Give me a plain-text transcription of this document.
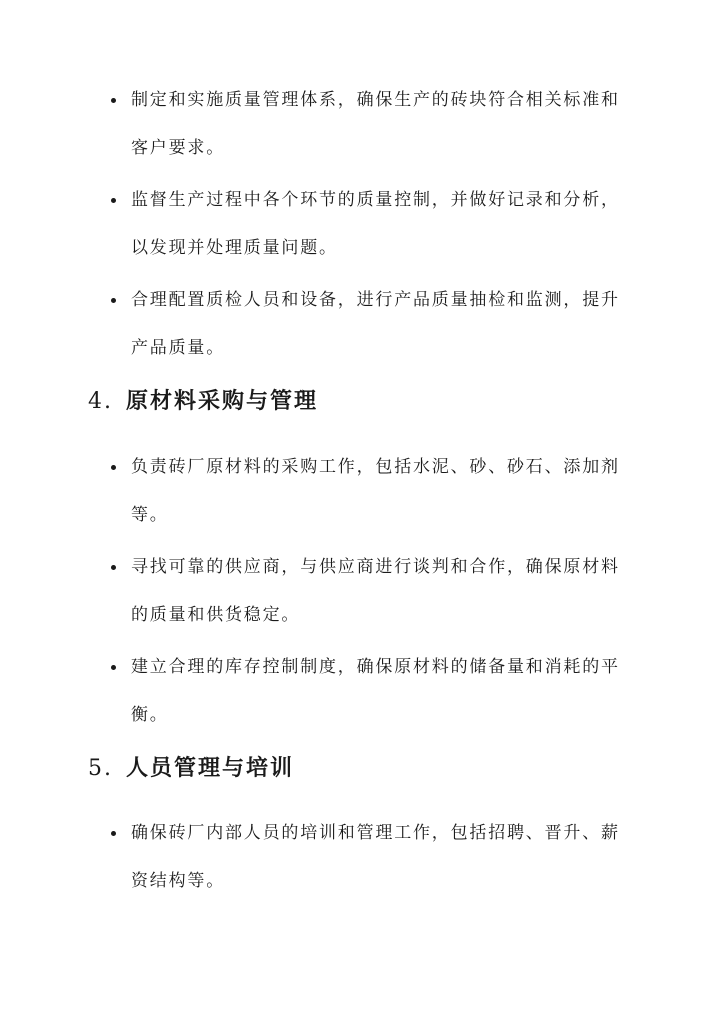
制定和实施质量管理体系，确保生产的砖块符合相关标准和客户要求。
监督生产过程中各个环节的质量控制，并做好记录和分析，以发现并处理质量问题。
合理配置质检人员和设备，进行产品质量抽检和监测，提升产品质量。
4. 原材料采购与管理
负责砖厂原材料的采购工作，包括水泥、砂、砂石、添加剂等。
寻找可靠的供应商，与供应商进行谈判和合作，确保原材料的质量和供货稳定。
建立合理的库存控制制度，确保原材料的储备量和消耗的平衡。
5. 人员管理与培训
确保砖厂内部人员的培训和管理工作，包括招聘、晋升、薪资结构等。
